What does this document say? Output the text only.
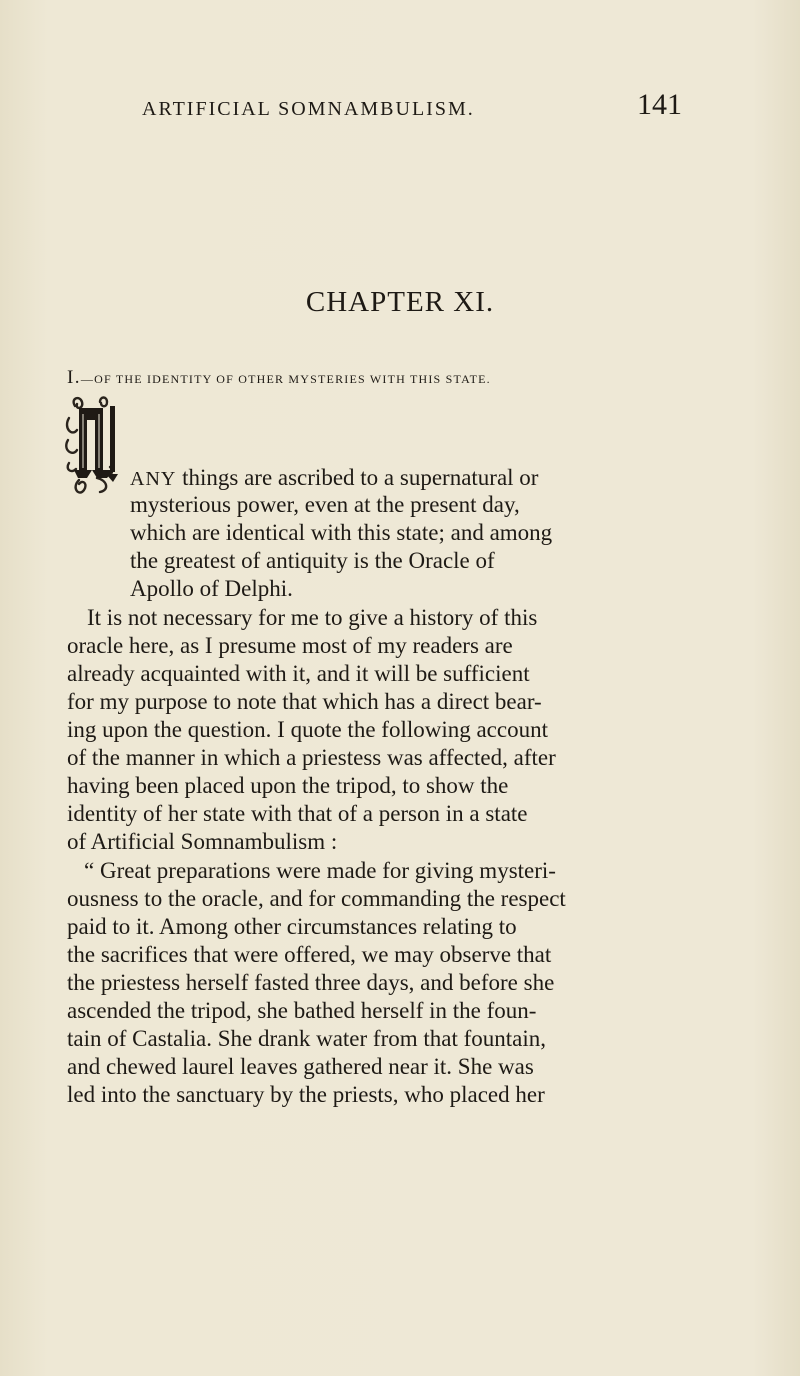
ARTIFICIAL SOMNAMBULISM.	141
CHAPTER XI.
I.—OF THE IDENTITY OF OTHER MYSTERIES WITH THIS STATE.
ANY things are ascribed to a supernatural or
mysterious power, even at the present day,
which are identical with this state; and among
the greatest of antiquity is the Oracle of
Apollo of Delphi.
It is not necessary for me to give a history of this
oracle here, as I presume most of my readers are
already acquainted with it, and it will be sufficient
for my purpose to note that which has a direct bear-
ing upon the question. I quote the following account
of the manner in which a priestess was affected, after
having been placed upon the tripod, to show the
identity of her state with that of a person in a state
of Artificial Somnambulism :
“ Great preparations were made for giving mysteri-
ousness to the oracle, and for commanding the respect
paid to it. Among other circumstances relating to
the sacrifices that were offered, we may observe that
the priestess herself fasted three days, and before she
ascended the tripod, she bathed herself in the foun-
tain of Castalia. She drank water from that fountain,
and chewed laurel leaves gathered near it. She was
led into the sanctuary by the priests, who placed her
